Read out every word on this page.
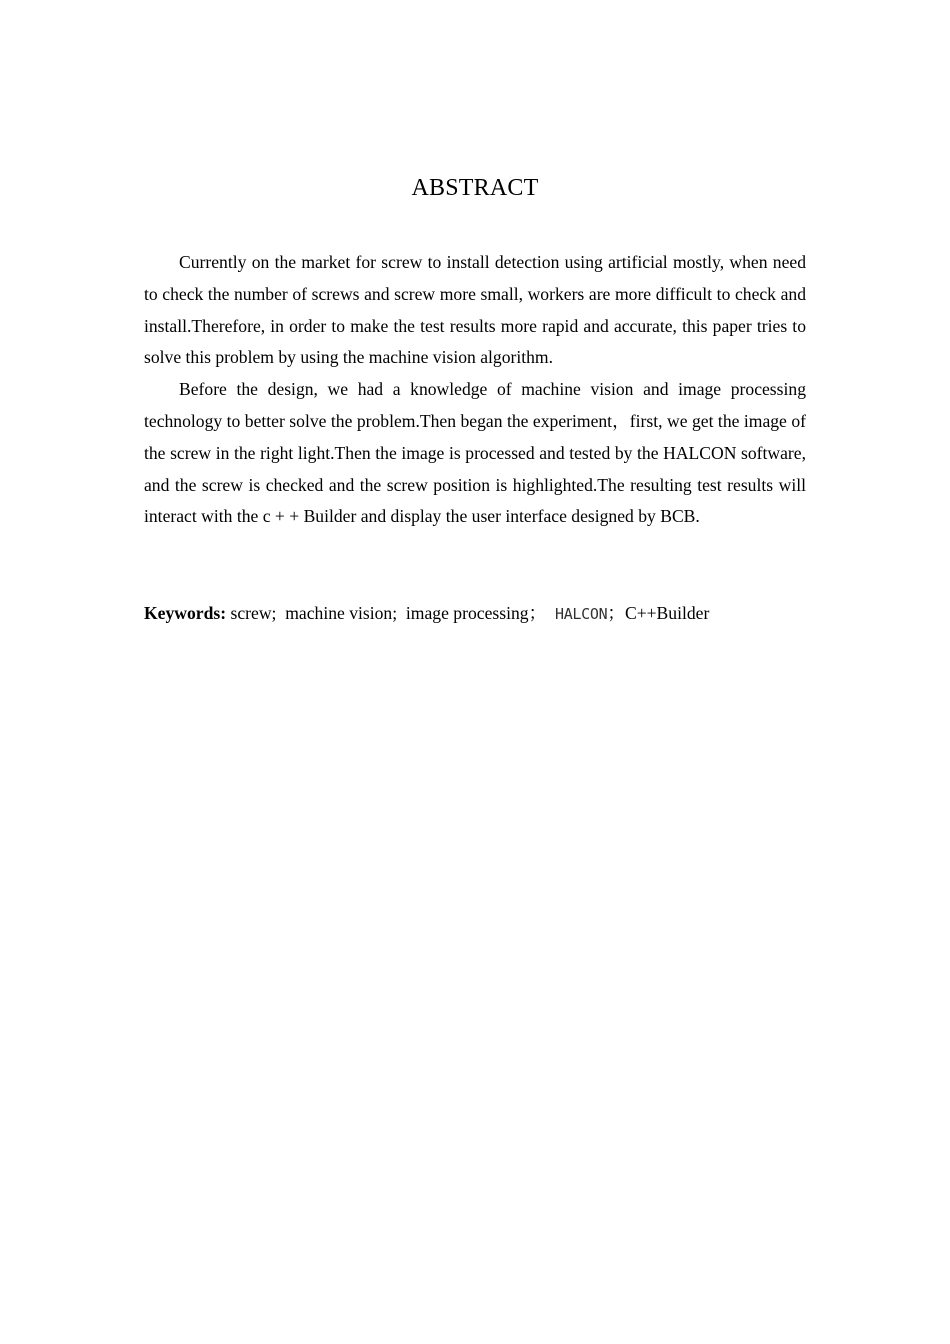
ABSTRACT

Currently on the market for screw to install detection using artificial mostly, when need to check the number of screws and screw more small, workers are more difficult to check and install.Therefore, in order to make the test results more rapid and accurate, this paper tries to solve this problem by using the machine vision algorithm.

Before the design, we had a knowledge of machine vision and image processing technology to better solve the problem.Then began the experiment，first, we get the image of the screw in the right light.Then the image is processed and tested by the HALCON software, and the screw is checked and the screw position is highlighted.The resulting test results will interact with the c + + Builder and display the user interface designed by BCB.

Keywords: screw;  machine vision;  image processing；  HALCON；C++Builder
